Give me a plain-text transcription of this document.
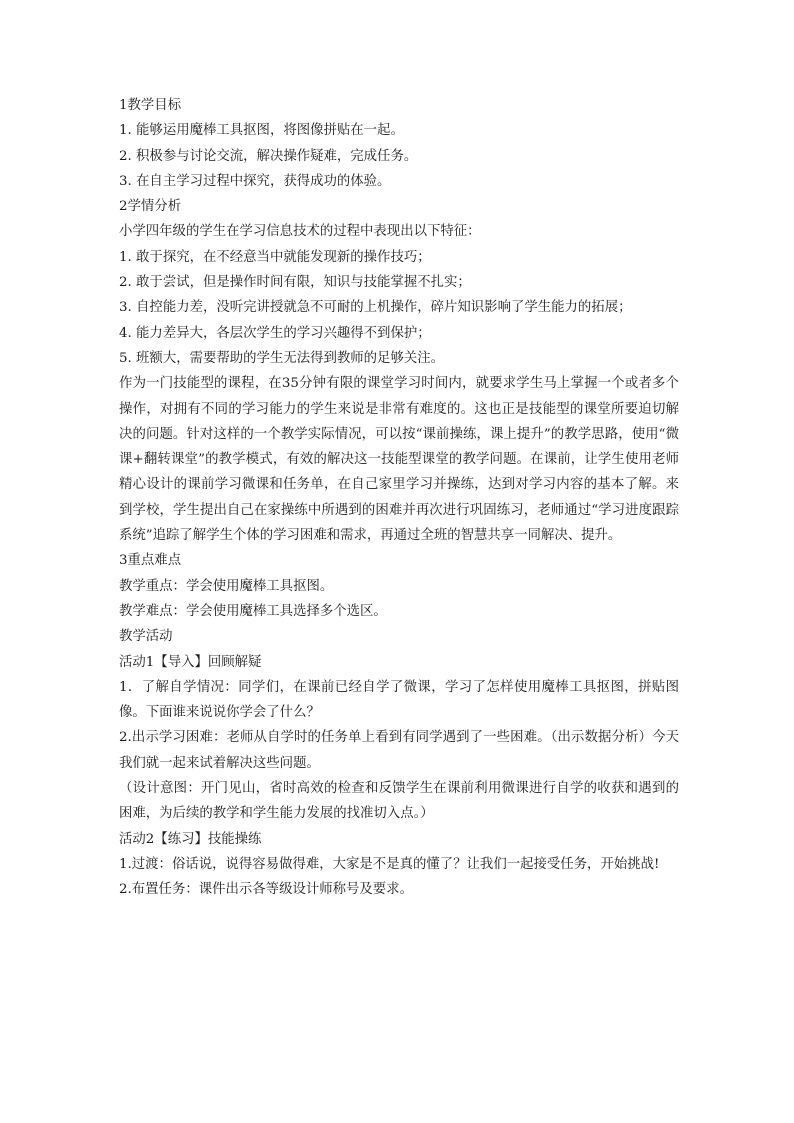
1教学目标

1. 能够运用魔棒工具抠图，将图像拼贴在一起。

2. 积极参与讨论交流，解决操作疑难，完成任务。

3. 在自主学习过程中探究，获得成功的体验。

2学情分析

小学四年级的学生在学习信息技术的过程中表现出以下特征：

1. 敢于探究，在不经意当中就能发现新的操作技巧；

2. 敢于尝试，但是操作时间有限，知识与技能掌握不扎实；

3. 自控能力差，没听完讲授就急不可耐的上机操作，碎片知识影响了学生能力的拓展；

4. 能力差异大，各层次学生的学习兴趣得不到保护；

5. 班额大，需要帮助的学生无法得到教师的足够关注。

作为一门技能型的课程，在35分钟有限的课堂学习时间内，就要求学生马上掌握一个或者多个操作，对拥有不同的学习能力的学生来说是非常有难度的。这也正是技能型的课堂所要迫切解决的问题。针对这样的一个教学实际情况，可以按“课前操练，课上提升”的教学思路，使用“微课+翻转课堂”的教学模式，有效的解决这一技能型课堂的教学问题。在课前，让学生使用老师精心设计的课前学习微课和任务单，在自己家里学习并操练，达到对学习内容的基本了解。来到学校，学生提出自己在家操练中所遇到的困难并再次进行巩固练习，老师通过“学习进度跟踪系统”追踪了解学生个体的学习困难和需求，再通过全班的智慧共享一同解决、提升。

3重点难点

教学重点：学会使用魔棒工具抠图。

教学难点：学会使用魔棒工具选择多个选区。

教学活动

活动1【导入】回顾解疑

1．了解自学情况：同学们，在课前已经自学了微课，学习了怎样使用魔棒工具抠图，拼贴图像。下面谁来说说你学会了什么？

2.出示学习困难：老师从自学时的任务单上看到有同学遇到了一些困难。（出示数据分析）今天我们就一起来试着解决这些问题。

（设计意图：开门见山，省时高效的检查和反馈学生在课前利用微课进行自学的收获和遇到的困难，为后续的教学和学生能力发展的找准切入点。）

活动2【练习】技能操练

1.过渡：俗话说，说得容易做得难，大家是不是真的懂了？让我们一起接受任务，开始挑战!

2.布置任务：课件出示各等级设计师称号及要求。
